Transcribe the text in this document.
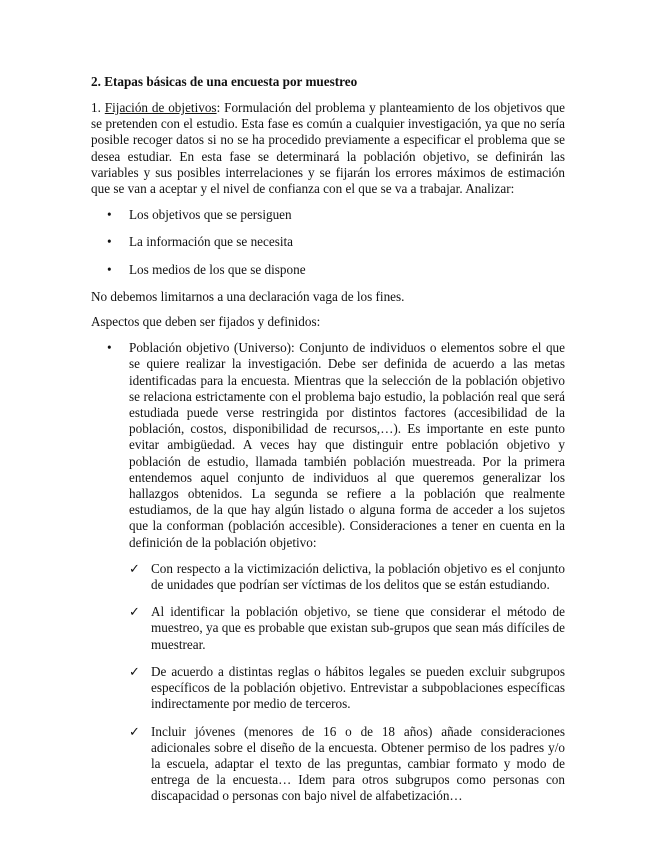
2. Etapas básicas de una encuesta por muestreo

1. Fijación de objetivos: Formulación del problema y planteamiento de los objetivos que se pretenden con el estudio. Esta fase es común a cualquier investigación, ya que no sería posible recoger datos si no se ha procedido previamente a especificar el problema que se desea estudiar. En esta fase se determinará la población objetivo, se definirán las variables y sus posibles interrelaciones y se fijarán los errores máximos de estimación que se van a aceptar y el nivel de confianza con el que se va a trabajar. Analizar:

• Los objetivos que se persiguen
• La información que se necesita
• Los medios de los que se dispone

No debemos limitarnos a una declaración vaga de los fines.

Aspectos que deben ser fijados y definidos:

• Población objetivo (Universo): Conjunto de individuos o elementos sobre el que se quiere realizar la investigación. Debe ser definida de acuerdo a las metas identificadas para la encuesta. Mientras que la selección de la población objetivo se relaciona estrictamente con el problema bajo estudio, la población real que será estudiada puede verse restringida por distintos factores (accesibilidad de la población, costos, disponibilidad de recursos,…). Es importante en este punto evitar ambigüedad. A veces hay que distinguir entre población objetivo y población de estudio, llamada también población muestreada. Por la primera entendemos aquel conjunto de individuos al que queremos generalizar los hallazgos obtenidos. La segunda se refiere a la población que realmente estudiamos, de la que hay algún listado o alguna forma de acceder a los sujetos que la conforman (población accesible). Consideraciones a tener en cuenta en la definición de la población objetivo:

✓ Con respecto a la victimización delictiva, la población objetivo es el conjunto de unidades que podrían ser víctimas de los delitos que se están estudiando.

✓ Al identificar la población objetivo, se tiene que considerar el método de muestreo, ya que es probable que existan sub-grupos que sean más difíciles de muestrear.

✓ De acuerdo a distintas reglas o hábitos legales se pueden excluir subgrupos específicos de la población objetivo. Entrevistar a subpoblaciones específicas indirectamente por medio de terceros.

✓ Incluir jóvenes (menores de 16 o de 18 años) añade consideraciones adicionales sobre el diseño de la encuesta. Obtener permiso de los padres y/o la escuela, adaptar el texto de las preguntas, cambiar formato y modo de entrega de la encuesta… Idem para otros subgrupos como personas con discapacidad o personas con bajo nivel de alfabetización…
